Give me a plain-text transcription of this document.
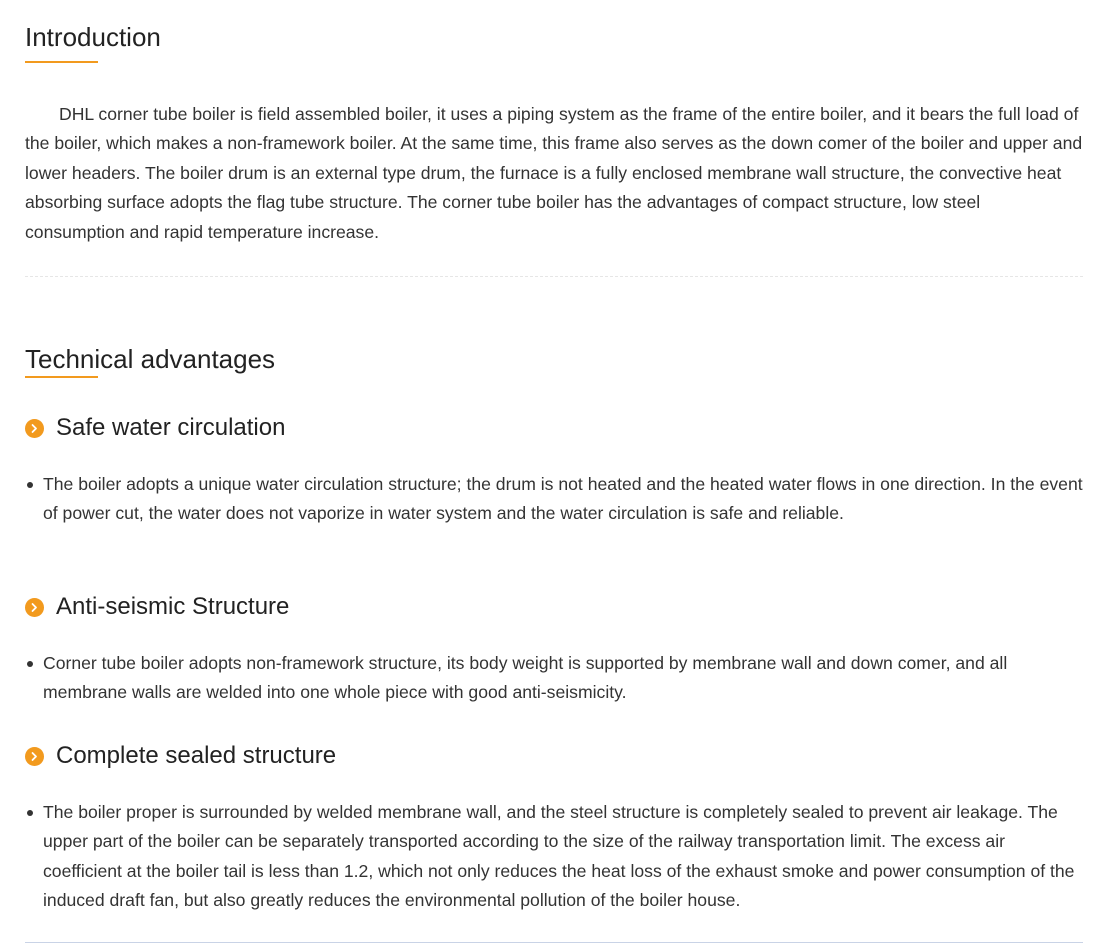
Introduction

DHL corner tube boiler is field assembled boiler, it uses a piping system as the frame of the entire boiler, and it bears the full load of the boiler, which makes a non-framework boiler. At the same time, this frame also serves as the down comer of the boiler and upper and lower headers. The boiler drum is an external type drum, the furnace is a fully enclosed membrane wall structure, the convective heat absorbing surface adopts the flag tube structure. The corner tube boiler has the advantages of compact structure, low steel consumption and rapid temperature increase.

Technical advantages
Safe water circulation
The boiler adopts a unique water circulation structure; the drum is not heated and the heated water flows in one direction. In the event of power cut, the water does not vaporize in water system and the water circulation is safe and reliable.
Anti-seismic Structure
Corner tube boiler adopts non-framework structure, its body weight is supported by membrane wall and down comer, and all membrane walls are welded into one whole piece with good anti-seismicity.
Complete sealed structure
The boiler proper is surrounded by welded membrane wall, and the steel structure is completely sealed to prevent air leakage. The upper part of the boiler can be separately transported according to the size of the railway transportation limit. The excess air coefficient at the boiler tail is less than 1.2, which not only reduces the heat loss of the exhaust smoke and power consumption of the induced draft fan, but also greatly reduces the environmental pollution of the boiler house.
